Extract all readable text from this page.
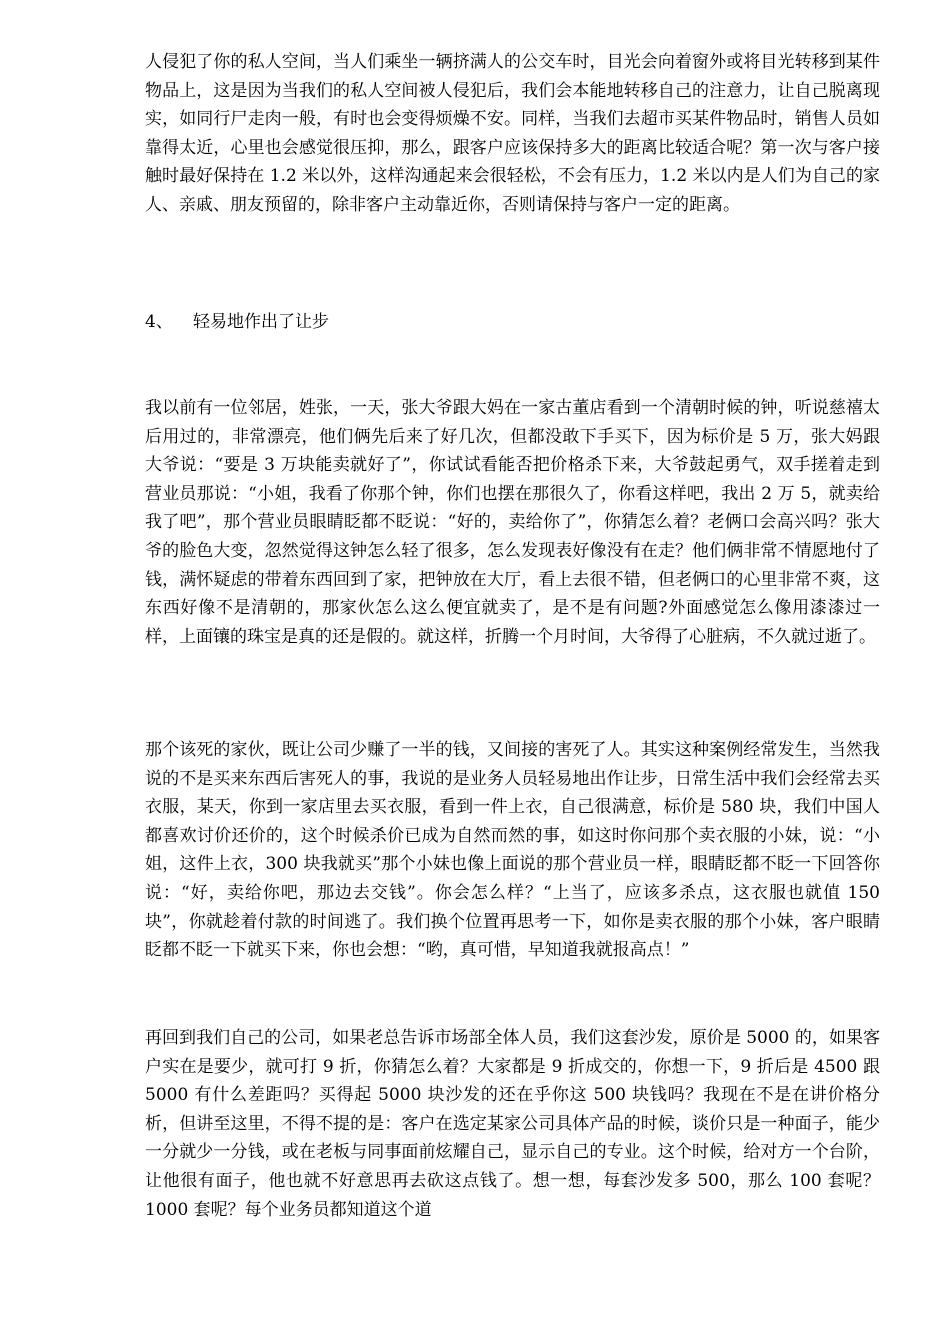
人侵犯了你的私人空间，当人们乘坐一辆挤满人的公交车时，目光会向着窗外或将目光转移到某件物品上，这是因为当我们的私人空间被人侵犯后，我们会本能地转移自己的注意力，让自己脱离现实，如同行尸走肉一般，有时也会变得烦燥不安。同样，当我们去超市买某件物品时，销售人员如靠得太近，心里也会感觉很压抑，那么，跟客户应该保持多大的距离比较适合呢？第一次与客户接触时最好保持在 1.2 米以外，这样沟通起来会很轻松，不会有压力，1.2 米以内是人们为自己的家人、亲戚、朋友预留的，除非客户主动靠近你，否则请保持与客户一定的距离。

4、 轻易地作出了让步

我以前有一位邻居，姓张，一天，张大爷跟大妈在一家古董店看到一个清朝时候的钟，听说慈禧太后用过的，非常漂亮，他们俩先后来了好几次，但都没敢下手买下，因为标价是 5 万，张大妈跟大爷说：“要是 3 万块能卖就好了”，你试试看能否把价格杀下来，大爷鼓起勇气，双手搓着走到营业员那说：“小姐，我看了你那个钟，你们也摆在那很久了，你看这样吧，我出 2 万 5，就卖给我了吧”，那个营业员眼睛眨都不眨说：“好的，卖给你了”，你猜怎么着？老俩口会高兴吗？张大爷的脸色大变，忽然觉得这钟怎么轻了很多，怎么发现表好像没有在走？他们俩非常不情愿地付了钱，满怀疑虑的带着东西回到了家，把钟放在大厅，看上去很不错，但老俩口的心里非常不爽，这东西好像不是清朝的，那家伙怎么这么便宜就卖了，是不是有问题?外面感觉怎么像用漆漆过一样，上面镶的珠宝是真的还是假的。就这样，折腾一个月时间，大爷得了心脏病，不久就过逝了。

那个该死的家伙，既让公司少赚了一半的钱，又间接的害死了人。其实这种案例经常发生，当然我说的不是买来东西后害死人的事，我说的是业务人员轻易地出作让步，日常生活中我们会经常去买衣服，某天，你到一家店里去买衣服，看到一件上衣，自己很满意，标价是 580 块，我们中国人都喜欢讨价还价的，这个时候杀价已成为自然而然的事，如这时你问那个卖衣服的小妹，说：“小姐，这件上衣，300 块我就买”那个小妹也像上面说的那个营业员一样，眼睛眨都不眨一下回答你说：“好，卖给你吧，那边去交钱”。你会怎么样？“上当了，应该多杀点，这衣服也就值 150 块”，你就趁着付款的时间逃了。我们换个位置再思考一下，如你是卖衣服的那个小妹，客户眼睛眨都不眨一下就买下来，你也会想：“哟，真可惜，早知道我就报高点！”

再回到我们自己的公司，如果老总告诉市场部全体人员，我们这套沙发，原价是 5000 的，如果客户实在是要少，就可打 9 折，你猜怎么着？大家都是 9 折成交的，你想一下，9 折后是 4500 跟 5000 有什么差距吗？买得起 5000 块沙发的还在乎你这 500 块钱吗？我现在不是在讲价格分析，但讲至这里，不得不提的是：客户在选定某家公司具体产品的时候，谈价只是一种面子，能少一分就少一分钱，或在老板与同事面前炫耀自己，显示自己的专业。这个时候，给对方一个台阶，让他很有面子，他也就不好意思再去砍这点钱了。想一想，每套沙发多 500，那么 100 套呢？1000 套呢？每个业务员都知道这个道
